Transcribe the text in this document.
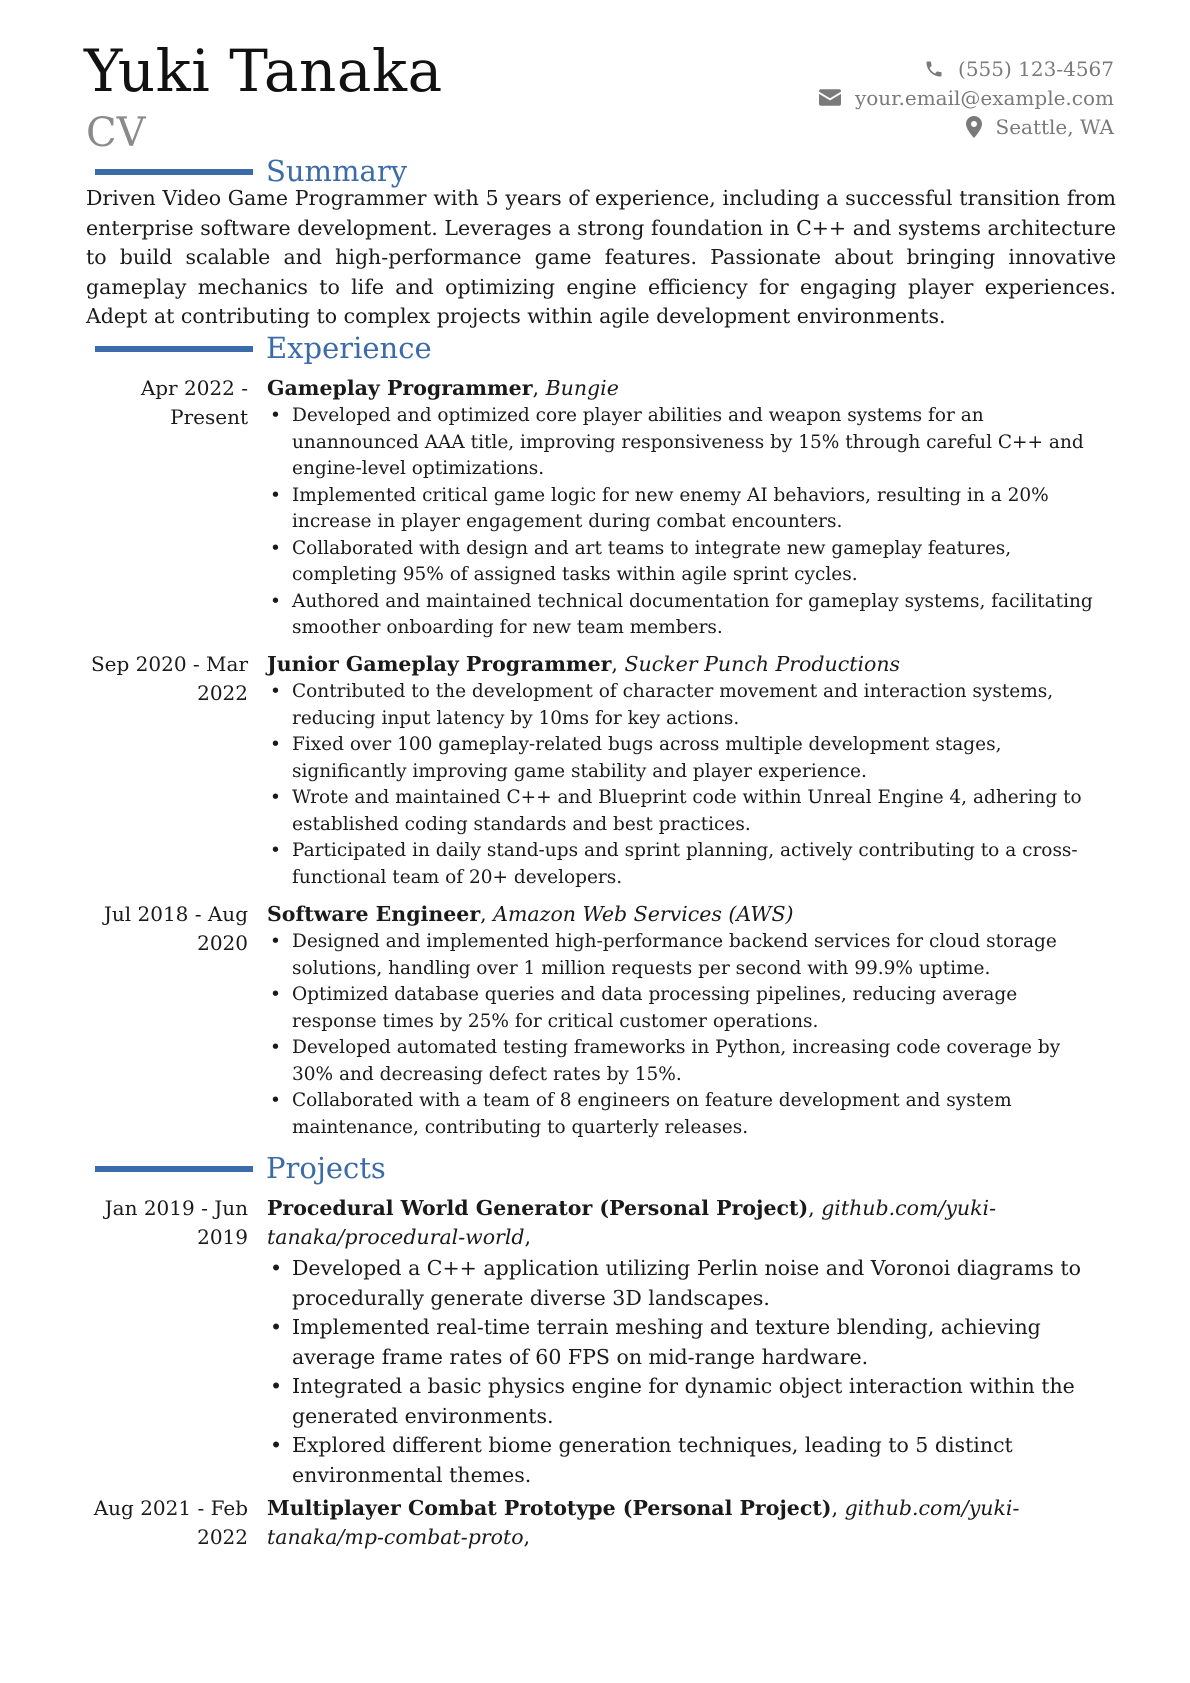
Yuki Tanaka
CV
(555) 123-4567
your.email@example.com
Seattle, WA
Summary
Driven Video Game Programmer with 5 years of experience, including a successful transition from enterprise software development. Leverages a strong foundation in C++ and systems architecture to build scalable and high-performance game features. Passionate about bringing innovative gameplay mechanics to life and optimizing engine efficiency for engaging player experiences. Adept at contributing to complex projects within agile development environments.
Experience
Apr 2022 -
Present
Gameplay Programmer, Bungie
• Developed and optimized core player abilities and weapon systems for an unannounced AAA title, improving responsiveness by 15% through careful C++ and engine-level optimizations.
• Implemented critical game logic for new enemy AI behaviors, resulting in a 20% increase in player engagement during combat encounters.
• Collaborated with design and art teams to integrate new gameplay features, completing 95% of assigned tasks within agile sprint cycles.
• Authored and maintained technical documentation for gameplay systems, facilitating smoother onboarding for new team members.
Sep 2020 - Mar
2022
Junior Gameplay Programmer, Sucker Punch Productions
• Contributed to the development of character movement and interaction systems, reducing input latency by 10ms for key actions.
• Fixed over 100 gameplay-related bugs across multiple development stages, significantly improving game stability and player experience.
• Wrote and maintained C++ and Blueprint code within Unreal Engine 4, adhering to established coding standards and best practices.
• Participated in daily stand-ups and sprint planning, actively contributing to a cross-functional team of 20+ developers.
Jul 2018 - Aug
2020
Software Engineer, Amazon Web Services (AWS)
• Designed and implemented high-performance backend services for cloud storage solutions, handling over 1 million requests per second with 99.9% uptime.
• Optimized database queries and data processing pipelines, reducing average response times by 25% for critical customer operations.
• Developed automated testing frameworks in Python, increasing code coverage by 30% and decreasing defect rates by 15%.
• Collaborated with a team of 8 engineers on feature development and system maintenance, contributing to quarterly releases.
Projects
Jan 2019 - Jun
2019
Procedural World Generator (Personal Project), github.com/yuki-tanaka/procedural-world,
• Developed a C++ application utilizing Perlin noise and Voronoi diagrams to procedurally generate diverse 3D landscapes.
• Implemented real-time terrain meshing and texture blending, achieving average frame rates of 60 FPS on mid-range hardware.
• Integrated a basic physics engine for dynamic object interaction within the generated environments.
• Explored different biome generation techniques, leading to 5 distinct environmental themes.
Aug 2021 - Feb
2022
Multiplayer Combat Prototype (Personal Project), github.com/yuki-tanaka/mp-combat-proto,
